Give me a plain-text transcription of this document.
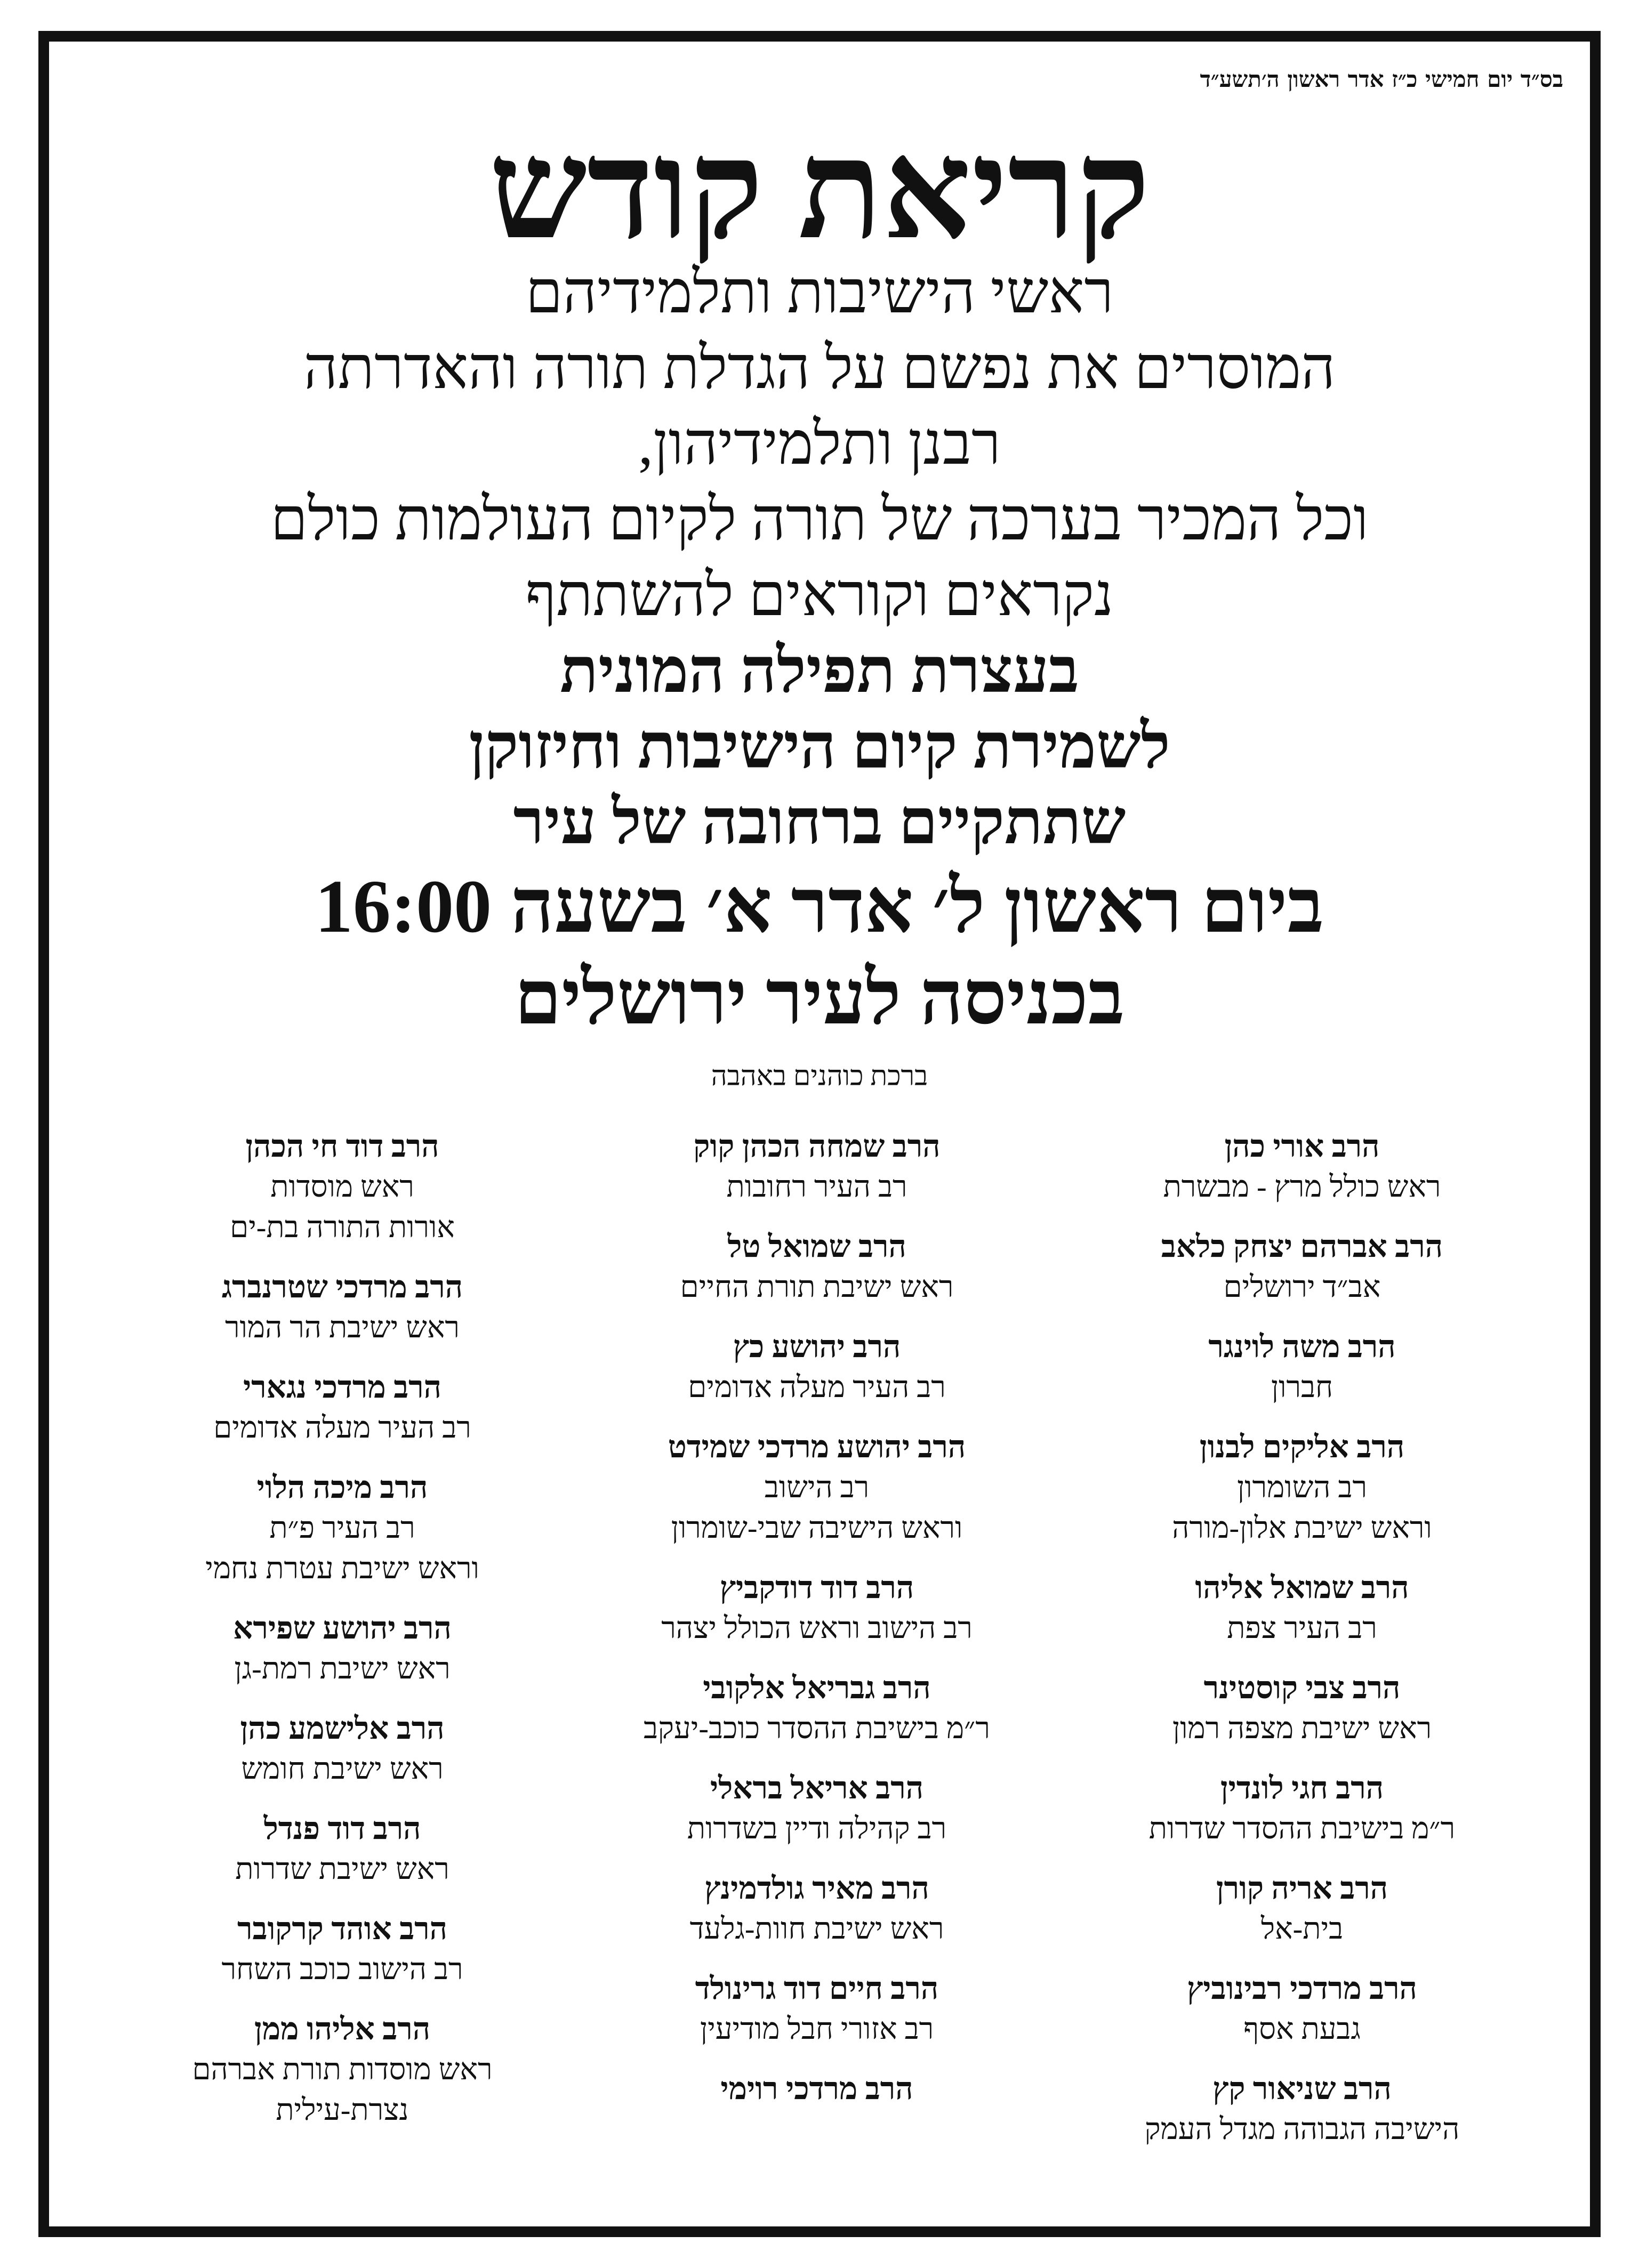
בס״ד יום חמישי כ״ז אדר ראשון ה׳תשע״ד
קריאת קודש
ראשי הישיבות ותלמידיהם
המוסרים את נפשם על הגדלת תורה והאדרתה
רבנן ותלמידיהון,
וכל המכיר בערכה של תורה לקיום העולמות כולם
נקראים וקוראים להשתתף
בעצרת תפילה המונית
לשמירת קיום הישיבות וחיזוקן
שתתקיים ברחובה של עיר
ביום ראשון ל׳ אדר א׳ בשעה 16:00
בכניסה לעיר ירושלים
ברכת כוהנים באהבה
הרב אורי כהן
ראש כולל מרץ - מבשרת
הרב אברהם יצחק כלאב
אב״ד ירושלים
הרב משה לוינגר
חברון
הרב אליקים לבנון
רב השומרון
וראש ישיבת אלון-מורה
הרב שמואל אליהו
רב העיר צפת
הרב צבי קוסטינר
ראש ישיבת מצפה רמון
הרב חגי לונדין
ר״מ בישיבת ההסדר שדרות
הרב אריה קורן
בית-אל
הרב מרדכי רבינוביץ
גבעת אסף
הרב שניאור קץ
הישיבה הגבוהה מגדל העמק
הרב שמחה הכהן קוק
רב העיר רחובות
הרב שמואל טל
ראש ישיבת תורת החיים
הרב יהושע כץ
רב העיר מעלה אדומים
הרב יהושע מרדכי שמידט
רב הישוב
וראש הישיבה שבי-שומרון
הרב דוד דודקביץ
רב הישוב וראש הכולל יצהר
הרב גבריאל אלקובי
ר״מ בישיבת ההסדר כוכב-יעקב
הרב אריאל בראלי
רב קהילה ודיין בשדרות
הרב מאיר גולדמינץ
ראש ישיבת חוות-גלעד
הרב חיים דוד גרינולד
רב אזורי חבל מודיעין
הרב מרדכי רוימי
הרב דוד חי הכהן
ראש מוסדות
אורות התורה בת-ים
הרב מרדכי שטרנברג
ראש ישיבת הר המור
הרב מרדכי נגארי
רב העיר מעלה אדומים
הרב מיכה הלוי
רב העיר פ״ת
וראש ישיבת עטרת נחמי
הרב יהושע שפירא
ראש ישיבת רמת-גן
הרב אלישמע כהן
ראש ישיבת חומש
הרב דוד פנדל
ראש ישיבת שדרות
הרב אוהד קרקובר
רב הישוב כוכב השחר
הרב אליהו ממן
ראש מוסדות תורת אברהם
נצרת-עילית
